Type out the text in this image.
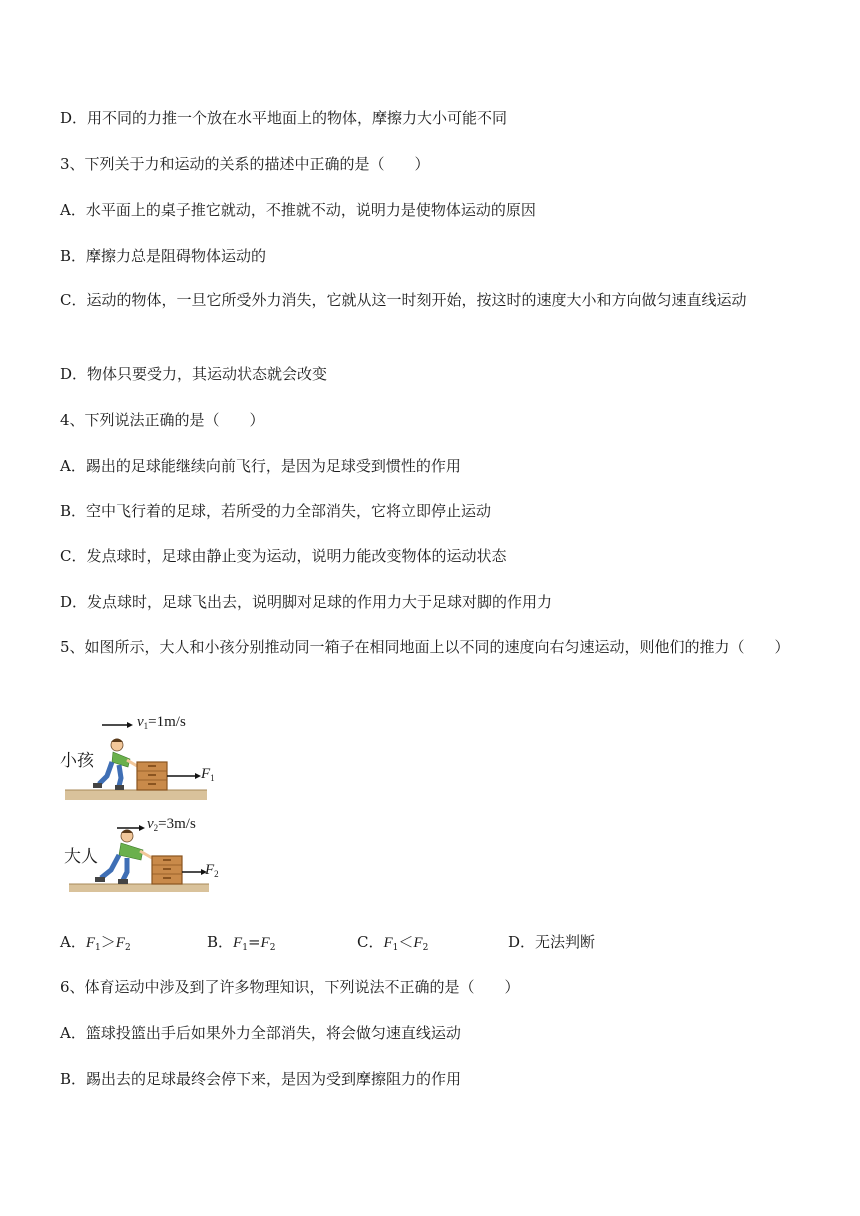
D．用不同的力推一个放在水平地面上的物体，摩擦力大小可能不同
3、下列关于力和运动的关系的描述中正确的是（　　）
A．水平面上的桌子推它就动，不推就不动，说明力是使物体运动的原因
B．摩擦力总是阻碍物体运动的
C．运动的物体，一旦它所受外力消失，它就从这一时刻开始，按这时的速度大小和方向做匀速直线运动
D．物体只要受力，其运动状态就会改变
4、下列说法正确的是（　　）
A．踢出的足球能继续向前飞行，是因为足球受到惯性的作用
B．空中飞行着的足球，若所受的力全部消失，它将立即停止运动
C．发点球时，足球由静止变为运动，说明力能改变物体的运动状态
D．发点球时，足球飞出去，说明脚对足球的作用力大于足球对脚的作用力
5、如图所示，大人和小孩分别推动同一箱子在相同地面上以不同的速度向右匀速运动，则他们的推力（　　）
$v_1=1m/s$
小孩
$F_1$
$v_2=3m/s$
大人
$F_2$
A．$F_1>F_2$	B．$F_1=F_2$	C．$F_1<F_2$	D．无法判断
6、体育运动中涉及到了许多物理知识，下列说法不正确的是（　　）
A．篮球投篮出手后如果外力全部消失，将会做匀速直线运动
B．踢出去的足球最终会停下来，是因为受到摩擦阻力的作用
